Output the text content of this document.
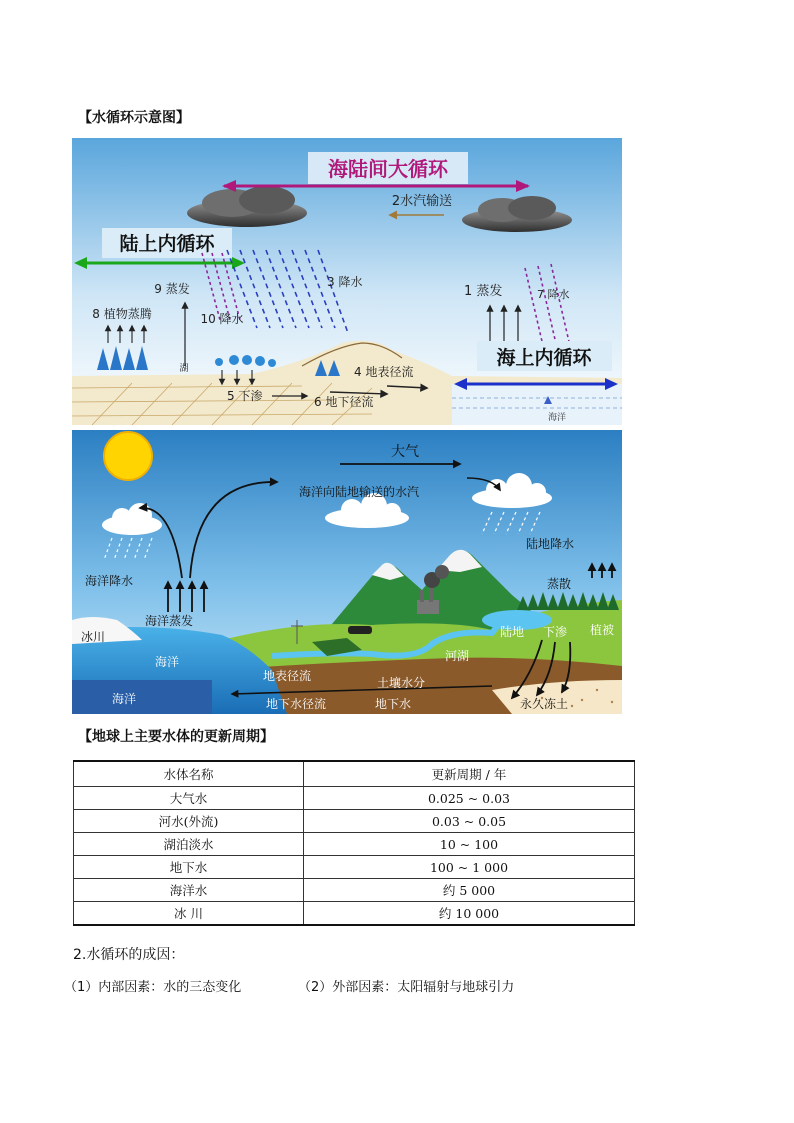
【水循环示意图】
海陆间大循环
2水汽输送
陆上内循环
3 降水
9 蒸发
10 降水
8 植物蒸腾
湖
5 下渗
4 地表径流
6 地下径流
1 蒸发	7 降水
海上内循环
海洋
大气
海洋向陆地输送的水汽
陆地降水
海洋降水
海洋蒸发
冰川
海洋
海洋
蒸散
陆地 下渗 植被
河湖
地表径流	土壤水分
地下水径流	地下水	永久冻土
【地球上主要水体的更新周期】
水体名称	更新周期 / 年
大气水	0.025 ~ 0.03
河水(外流)	0.03 ~ 0.05
湖泊淡水	10 ~ 100
地下水	100 ~ 1 000
海洋水	约 5 000
冰 川	约 10 000
2.水循环的成因：
（1）内部因素：水的三态变化	（2）外部因素：太阳辐射与地球引力
